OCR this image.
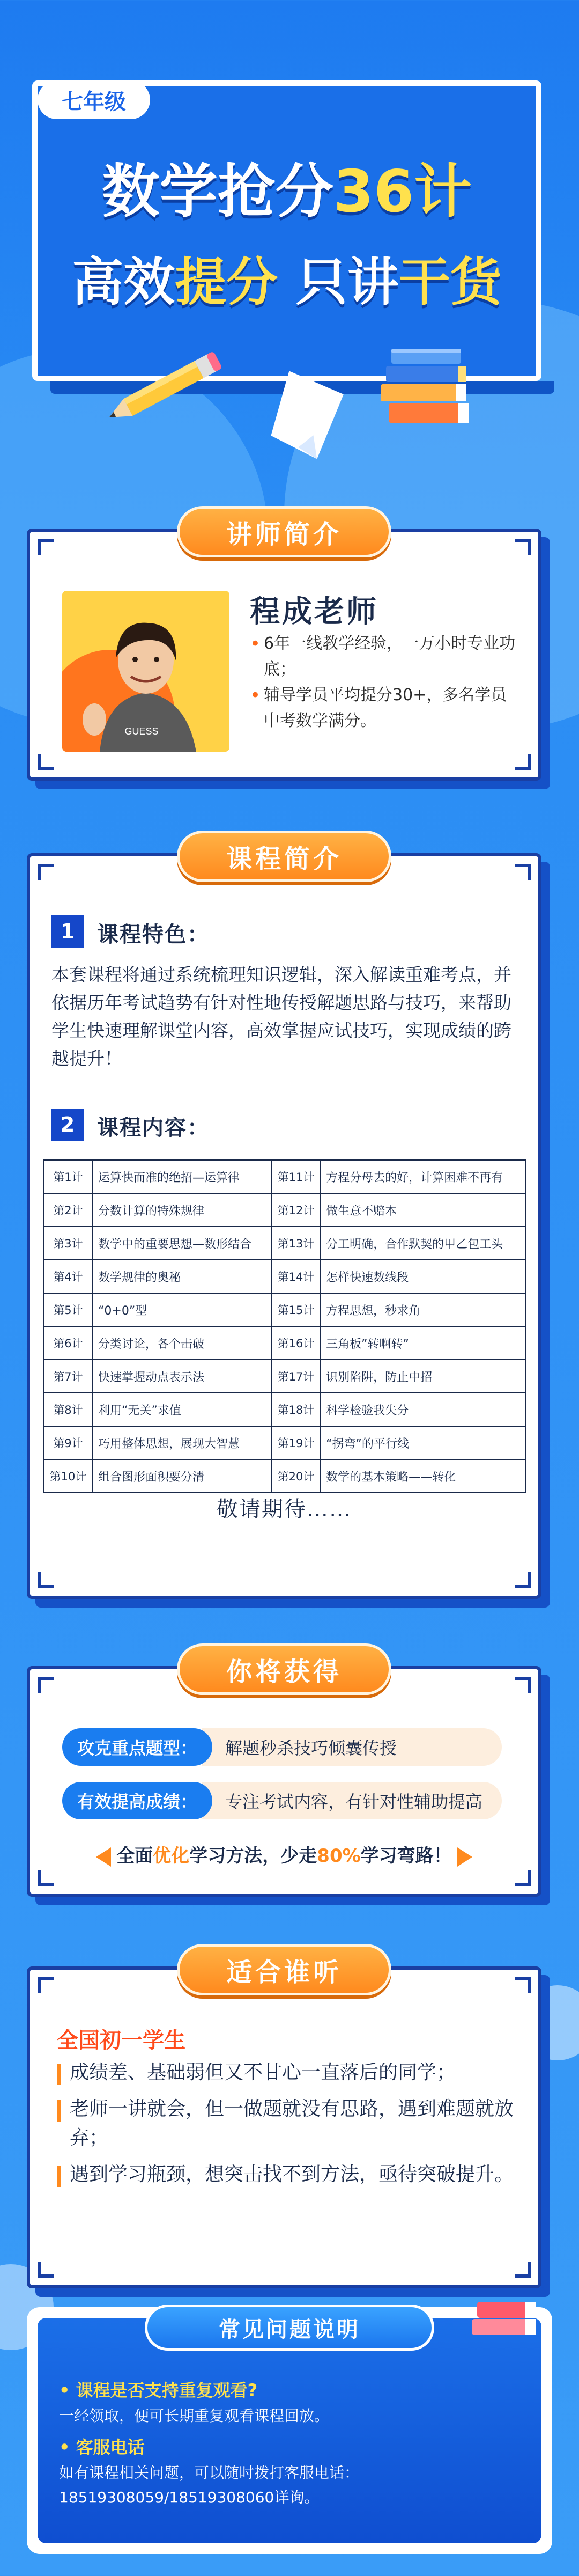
七年级
数学抢分36计
高效提分 只讲干货
讲师简介
GUESS
程成老师
• 6年一线教学经验，一万小时专业功底；
• 辅导学员平均提分30+，多名学员中考数学满分。
课程简介
1	课程特色：
本套课程将通过系统梳理知识逻辑，深入解读重难考点，并依据历年考试趋势有针对性地传授解题思路与技巧，来帮助学生快速理解课堂内容，高效掌握应试技巧，实现成绩的跨越提升！
2	课程内容：
第1计	运算快而准的绝招—运算律	第11计	方程分母去的好，计算困难不再有
第2计	分数计算的特殊规律	第12计	做生意不赔本
第3计	数学中的重要思想—数形结合	第13计	分工明确，合作默契的甲乙包工头
第4计	数学规律的奥秘	第14计	怎样快速数线段
第5计	“0+0”型	第15计	方程思想，秒求角
第6计	分类讨论，各个击破	第16计	三角板”转啊转”
第7计	快速掌握动点表示法	第17计	识别陷阱，防止中招
第8计	利用“无关”求值	第18计	科学检验我失分
第9计	巧用整体思想，展现大智慧	第19计	“拐弯”的平行线
第10计	组合图形面积要分清	第20计	数学的基本策略——转化
敬请期待……
你将获得
攻克重点题型：	解题秒杀技巧倾囊传授
有效提高成绩：	专注考试内容，有针对性辅助提高
全面优化学习方法，少走80%学习弯路！
适合谁听
全国初一学生
成绩差、基础弱但又不甘心一直落后的同学；
老师一讲就会，但一做题就没有思路，遇到难题就放弃；
遇到学习瓶颈，想突击找不到方法，亟待突破提升。
常见问题说明
• 课程是否支持重复观看?
一经领取，便可长期重复观看课程回放。
• 客服电话
如有课程相关问题，可以随时拨打客服电话：
18519308059/18519308060详询。
